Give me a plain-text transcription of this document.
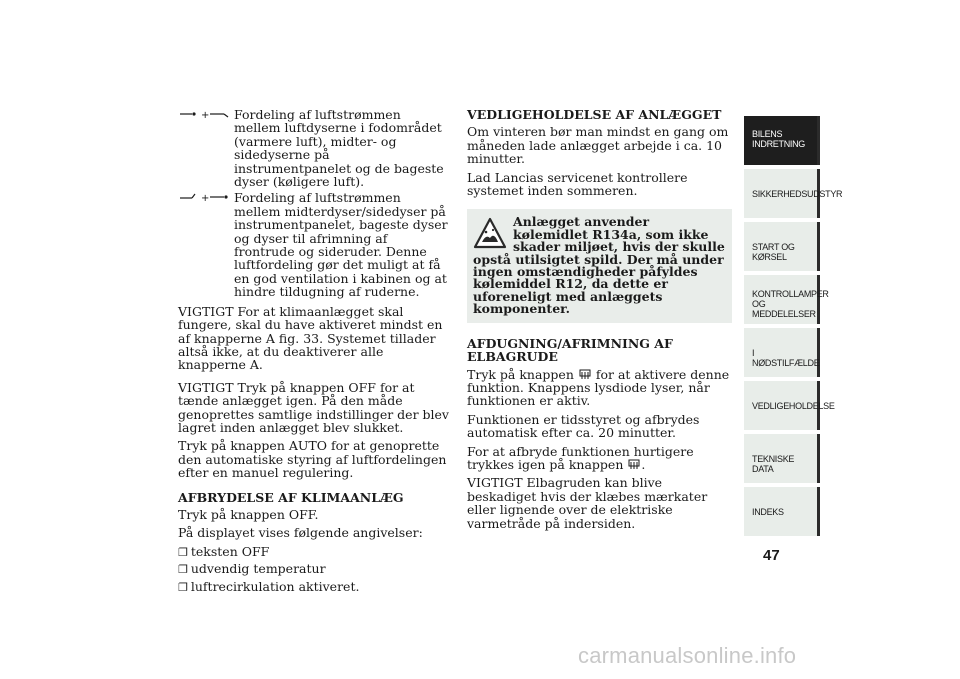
+ Fordeling af luftstrømmen mellem luftdyserne i fodområdet (varmere luft), midter- og sidedyserne på instrumentpanelet og de bageste dyser (køligere luft).
+ Fordeling af luftstrømmen mellem midterdyser/sidedyser på instrumentpanelet, bageste dyser og dyser til afrimning af frontrude og sideruder. Denne luftfordeling gør det muligt at få en god ventilation i kabinen og at hindre tildugning af ruderne.

VIGTIGT For at klimaanlægget skal fungere, skal du have aktiveret mindst en af knapperne A fig. 33. Systemet tillader altså ikke, at du deaktiverer alle knapperne A.

VIGTIGT Tryk på knappen OFF for at tænde anlægget igen. På den måde genoprettes samtlige indstillinger der blev lagret inden anlægget blev slukket.

Tryk på knappen AUTO for at genoprette den automatiske styring af luftfordelingen efter en manuel regulering.

AFBRYDELSE AF KLIMAANLÆG

Tryk på knappen OFF.

På displayet vises følgende angivelser:

❐ teksten OFF
❐ udvendig temperatur
❐ luftrecirkulation aktiveret.
VEDLIGEHOLDELSE AF ANLÆGGET

Om vinteren bør man mindst en gang om måneden lade anlægget arbejde i ca. 10 minutter.

Lad Lancias servicenet kontrollere systemet inden sommeren.

Anlægget anvender kølemidlet R134a, som ikke skader miljøet, hvis der skulle opstå utilsigtet spild. Der må under ingen omstændigheder påfyldes kølemiddel R12, da dette er uforeneligt med anlæggets komponenter.

AFDUGNING/AFRIMNING AF ELBAGRUDE

Tryk på knappen for at aktivere denne funktion. Knappens lysdiode lyser, når funktionen er aktiv.

Funktionen er tidsstyret og afbrydes automatisk efter ca. 20 minutter.

For at afbryde funktionen hurtigere trykkes igen på knappen .

VIGTIGT Elbagruden kan blive beskadiget hvis der klæbes mærkater eller lignende over de elektriske varmetråde på indersiden.

BILENS INDRETNING
SIKKERHEDSUDSTYR
START OG KØRSEL
KONTROLLAMPER OG MEDDELELSER
I NØDSTILFÆLDE
VEDLIGEHOLDELSE
TEKNISKE DATA
INDEKS
47
carmanualsonline.info
